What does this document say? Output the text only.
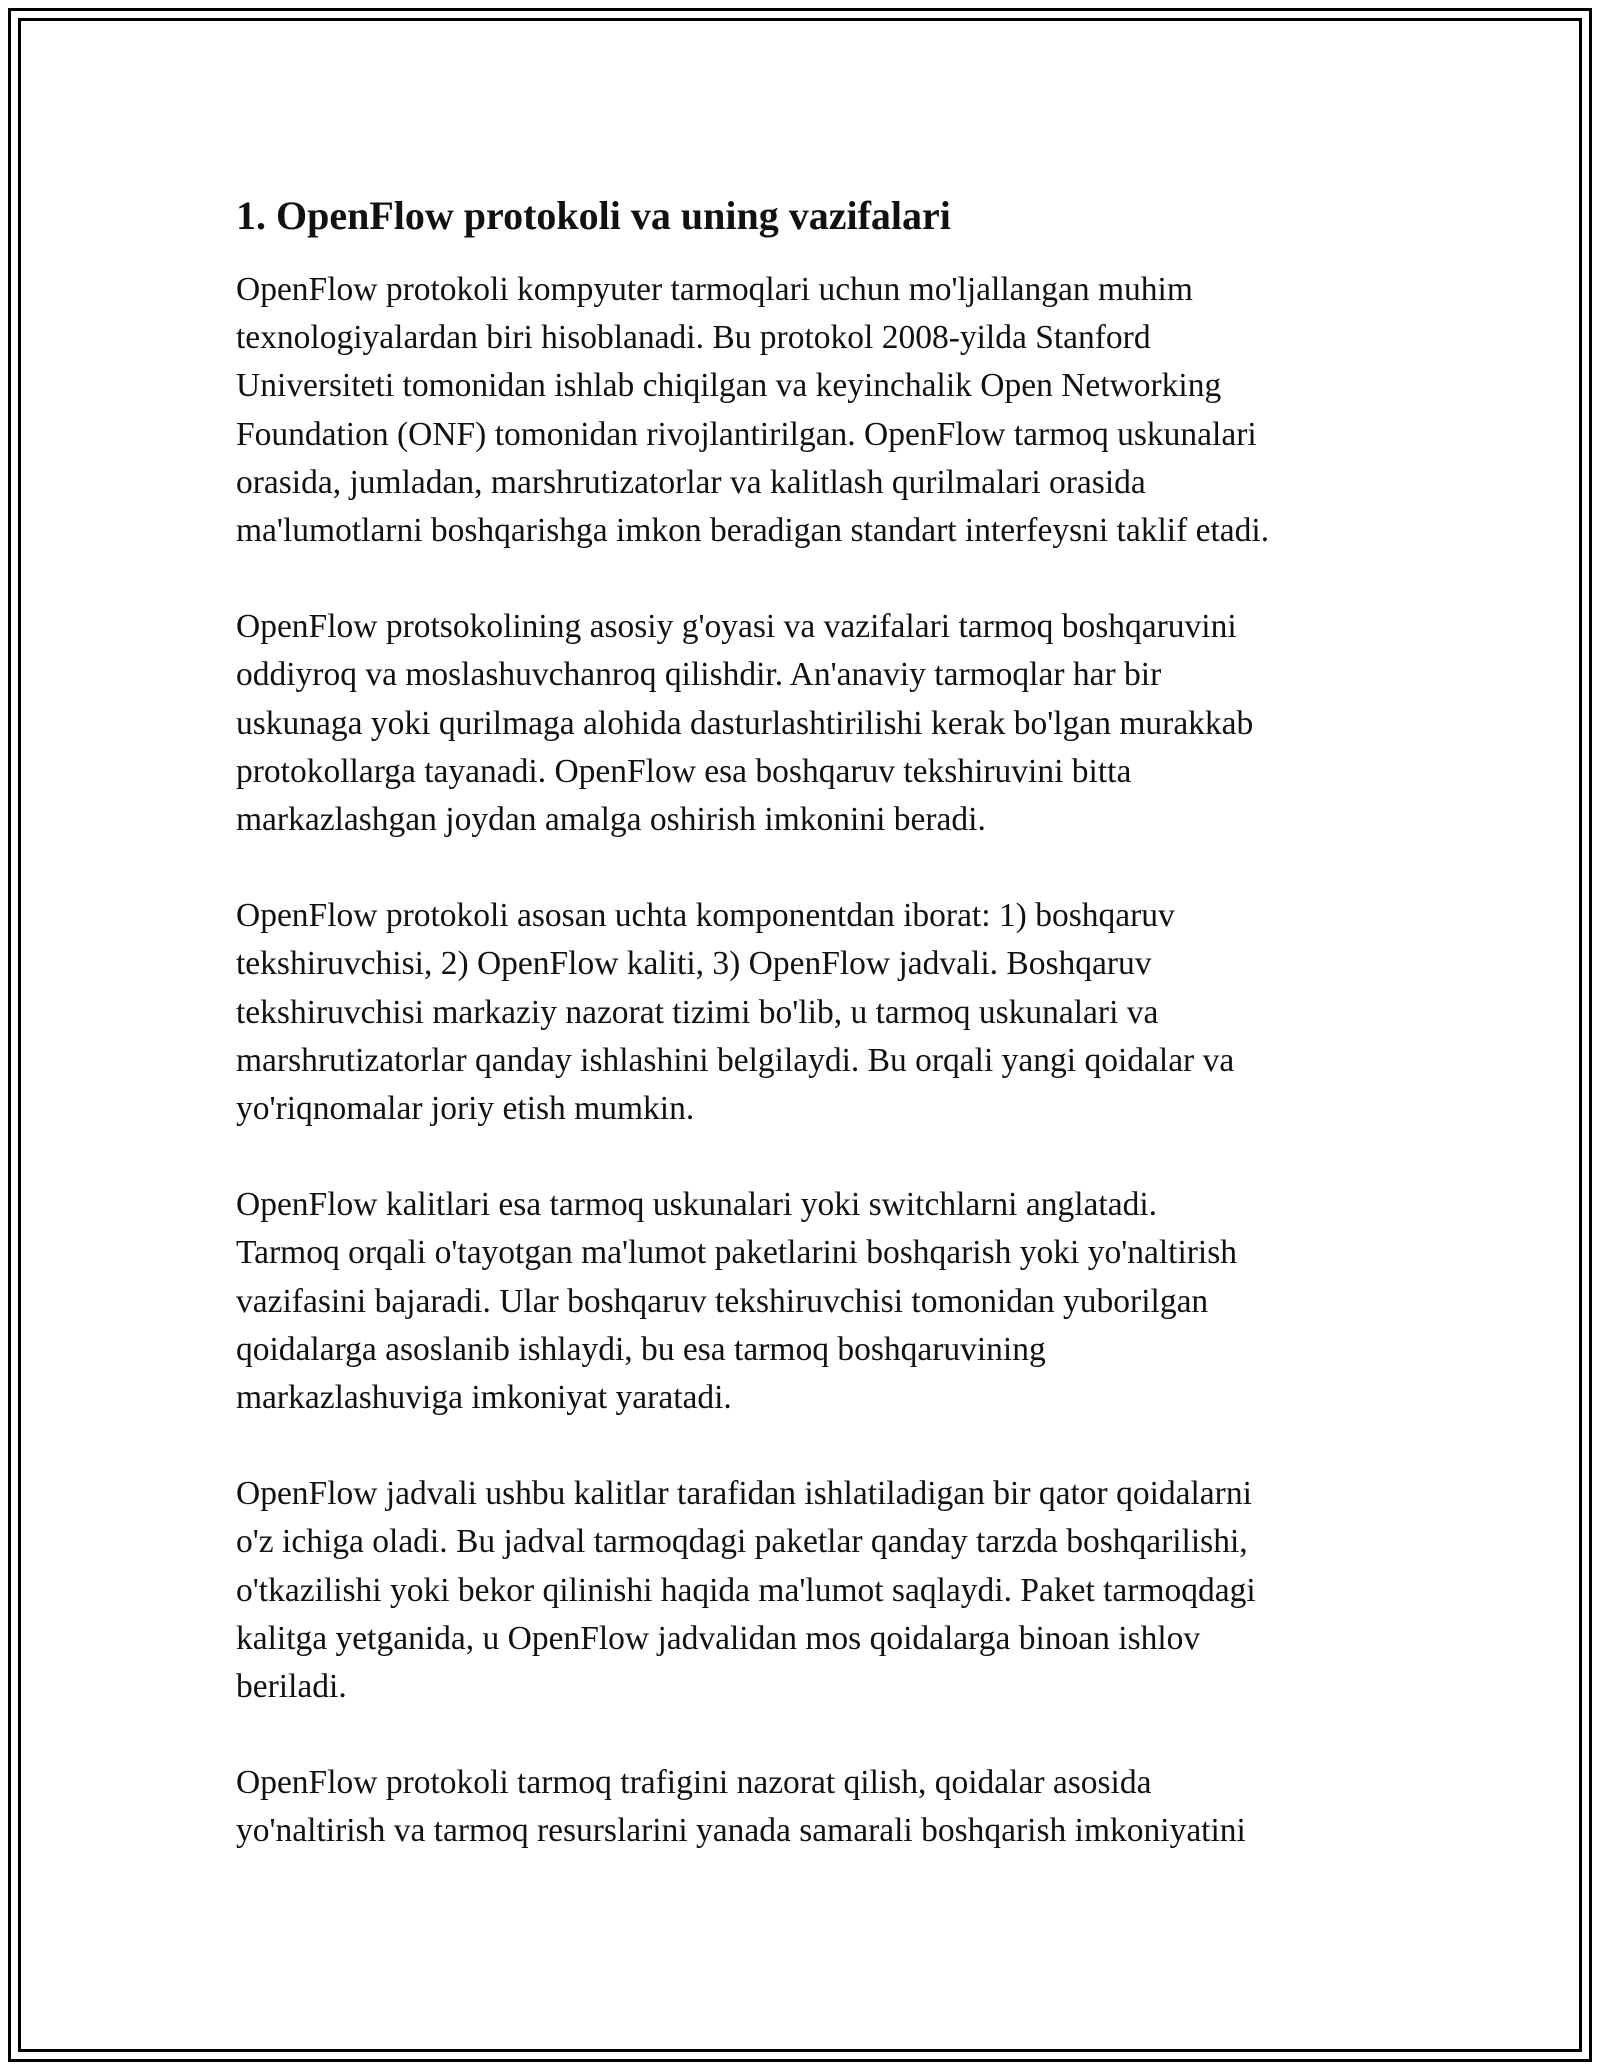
1. OpenFlow protokoli va uning vazifalari

OpenFlow protokoli kompyuter tarmoqlari uchun mo'ljallangan muhim
texnologiyalardan biri hisoblanadi. Bu protokol 2008-yilda Stanford
Universiteti tomonidan ishlab chiqilgan va keyinchalik Open Networking
Foundation (ONF) tomonidan rivojlantirilgan. OpenFlow tarmoq uskunalari
orasida, jumladan, marshrutizatorlar va kalitlash qurilmalari orasida
ma'lumotlarni boshqarishga imkon beradigan standart interfeysni taklif etadi.

OpenFlow protsokolining asosiy g'oyasi va vazifalari tarmoq boshqaruvini
oddiyroq va moslashuvchanroq qilishdir. An'anaviy tarmoqlar har bir
uskunaga yoki qurilmaga alohida dasturlashtirilishi kerak bo'lgan murakkab
protokollarga tayanadi. OpenFlow esa boshqaruv tekshiruvini bitta
markazlashgan joydan amalga oshirish imkonini beradi.

OpenFlow protokoli asosan uchta komponentdan iborat: 1) boshqaruv
tekshiruvchisi, 2) OpenFlow kaliti, 3) OpenFlow jadvali. Boshqaruv
tekshiruvchisi markaziy nazorat tizimi bo'lib, u tarmoq uskunalari va
marshrutizatorlar qanday ishlashini belgilaydi. Bu orqali yangi qoidalar va
yo'riqnomalar joriy etish mumkin.

OpenFlow kalitlari esa tarmoq uskunalari yoki switchlarni anglatadi.
Tarmoq orqali o'tayotgan ma'lumot paketlarini boshqarish yoki yo'naltirish
vazifasini bajaradi. Ular boshqaruv tekshiruvchisi tomonidan yuborilgan
qoidalarga asoslanib ishlaydi, bu esa tarmoq boshqaruvining
markazlashuviga imkoniyat yaratadi.

OpenFlow jadvali ushbu kalitlar tarafidan ishlatiladigan bir qator qoidalarni
o'z ichiga oladi. Bu jadval tarmoqdagi paketlar qanday tarzda boshqarilishi,
o'tkazilishi yoki bekor qilinishi haqida ma'lumot saqlaydi. Paket tarmoqdagi
kalitga yetganida, u OpenFlow jadvalidan mos qoidalarga binoan ishlov
beriladi.

OpenFlow protokoli tarmoq trafigini nazorat qilish, qoidalar asosida
yo'naltirish va tarmoq resurslarini yanada samarali boshqarish imkoniyatini
